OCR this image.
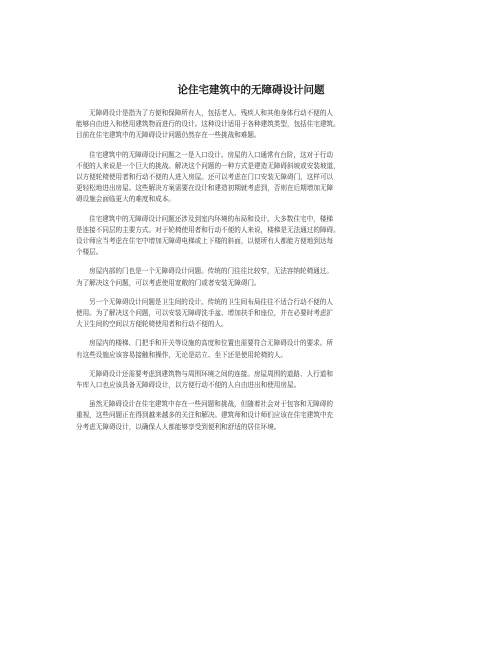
论住宅建筑中的无障碍设计问题

无障碍设计是指为了方便和保障所有人，包括老人、残疾人和其他身体行动不便的人
能够自由进入和使用建筑物而进行的设计。这种设计适用于各种建筑类型，包括住宅建筑。
目前在住宅建筑中的无障碍设计问题仍然存在一些挑战和难题。

住宅建筑中的无障碍设计问题之一是入口设计。房屋的入口通常有台阶，这对于行动
不便的人来说是一个巨大的挑战。解决这个问题的一种方式是建造无障碍斜坡或安装坡道，
以方便轮椅使用者和行动不便的人进入房屋。还可以考虑在门口安装无障碍门，这样可以
更轻松地进出房屋。这些解决方案需要在设计和建造初期就考虑到，否则在后期增加无障
碍设施会面临更大的难度和成本。

住宅建筑中的无障碍设计问题还涉及到室内环境的布局和设计。大多数住宅中，楼梯
是连接不同层的主要方式。对于轮椅使用者和行动不便的人来说，楼梯是无法通过的障碍。
设计师应当考虑在住宅中增加无障碍电梯或上下楼的斜面，以便所有人都能方便地到达每
个楼层。

房屋内部的门也是一个无障碍设计问题。传统的门往往比较窄，无法容纳轮椅通过。
为了解决这个问题，可以考虑使用宽敞的门或者安装无障碍门。

另一个无障碍设计问题是卫生间的设计。传统的卫生间布局往往不适合行动不便的人
使用。为了解决这个问题，可以安装无障碍洗手盆、增加扶手和座位，并在必要时考虑扩
大卫生间的空间以方便轮椅使用者和行动不便的人。

房屋内的楼梯、门把手和开关等设施的高度和位置也需要符合无障碍设计的要求。所
有这些设施应该容易接触和操作，无论是站立、坐下还是使用轮椅的人。

无障碍设计还需要考虑到建筑物与周围环境之间的连接。房屋周围的道路、人行道和
车库入口也应该具备无障碍设计，以方便行动不便的人自由进出和使用房屋。

虽然无障碍设计在住宅建筑中存在一些问题和挑战，但随着社会对于包容和无障碍的
重视，这些问题正在得到越来越多的关注和解决。建筑师和设计师们应该在住宅建筑中充
分考虑无障碍设计，以确保人人都能够享受到便利和舒适的居住环境。
